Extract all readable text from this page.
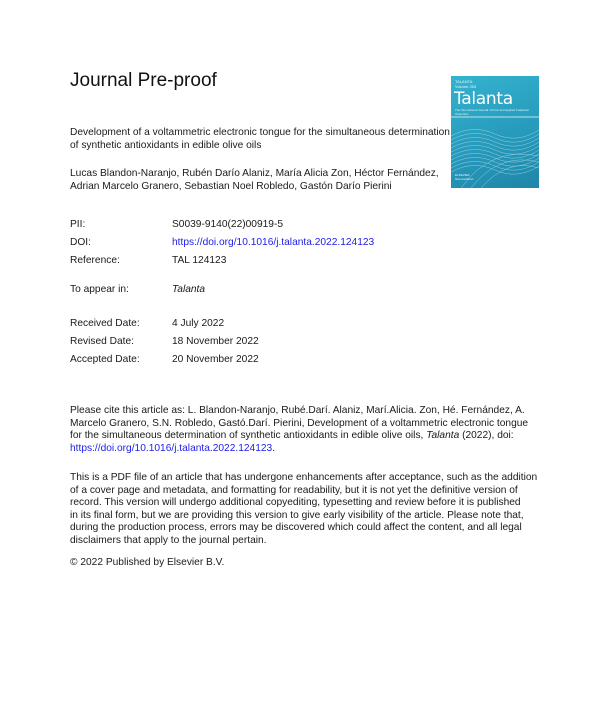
Journal Pre-proof	TALANTA
Volume 253
Talanta
The International Journal of Pure and Applied Analytical Chemistry
ELSEVIER
ScienceDirect
Development of a voltammetric electronic tongue for the simultaneous determination
of synthetic antioxidants in edible olive oils
Lucas Blandon-Naranjo, Rubén Darío Alaniz, María Alicia Zon, Héctor Fernández,
Adrian Marcelo Granero, Sebastian Noel Robledo, Gastón Darío Pierini
PII:	S0039-9140(22)00919-5
DOI:	https://doi.org/10.1016/j.talanta.2022.124123
Reference:	TAL 124123
To appear in:	Talanta
Received Date:	4 July 2022
Revised Date:	18 November 2022
Accepted Date:	20 November 2022
Please cite this article as: L. Blandon-Naranjo, Rubé.Darí. Alaniz, Marí.Alicia. Zon, Hé. Fernández, A.
Marcelo Granero, S.N. Robledo, Gastó.Darí. Pierini, Development of a voltammetric electronic tongue
for the simultaneous determination of synthetic antioxidants in edible olive oils, Talanta (2022), doi:
https://doi.org/10.1016/j.talanta.2022.124123.
This is a PDF file of an article that has undergone enhancements after acceptance, such as the addition
of a cover page and metadata, and formatting for readability, but it is not yet the definitive version of
record. This version will undergo additional copyediting, typesetting and review before it is published
in its final form, but we are providing this version to give early visibility of the article. Please note that,
during the production process, errors may be discovered which could affect the content, and all legal
disclaimers that apply to the journal pertain.
© 2022 Published by Elsevier B.V.
